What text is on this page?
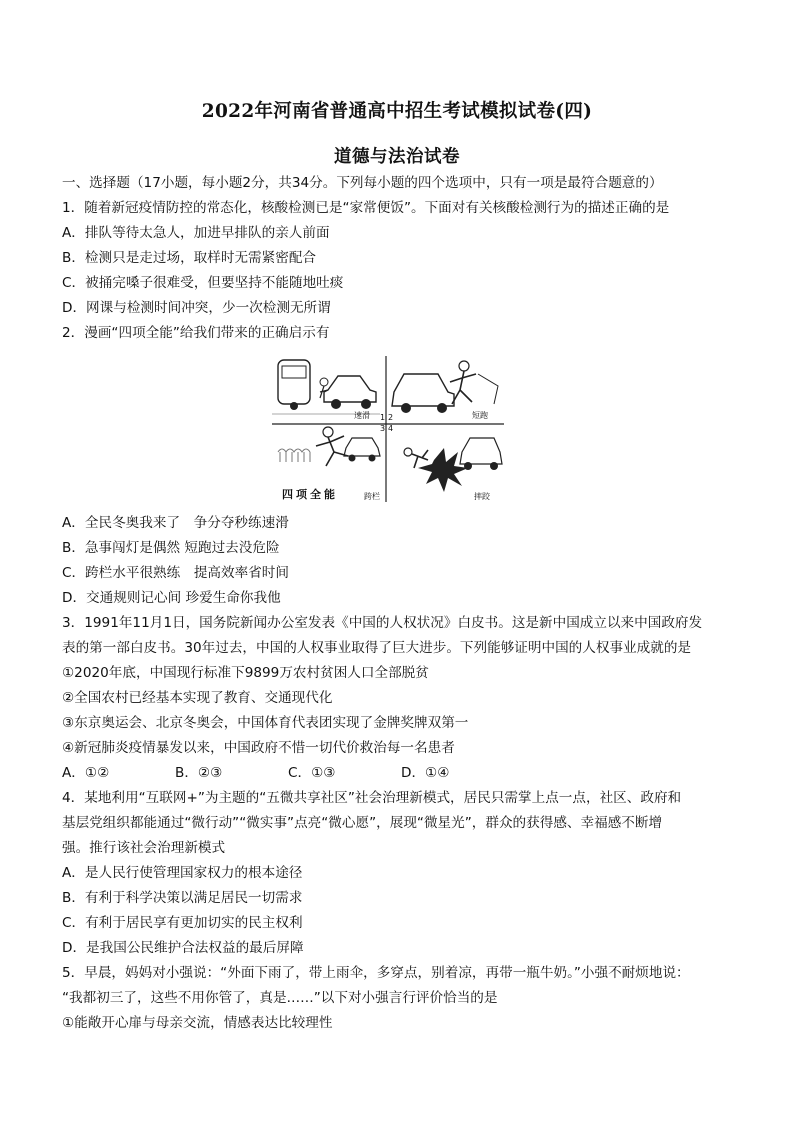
2022年河南省普通高中招生考试模拟试卷(四)
道德与法治试卷
一、选择题（17小题，每小题2分，共34分。下列每小题的四个选项中，只有一项是最符合题意的）
1．随着新冠疫情防控的常态化，核酸检测已是“家常便饭”。下面对有关核酸检测行为的描述正确的是
A．排队等待太急人，加进早排队的亲人前面
B．检测只是走过场，取样时无需紧密配合
C．被捅完嗓子很难受，但要坚持不能随地吐痰
D．网课与检测时间冲突，少一次检测无所谓
2．漫画“四项全能”给我们带来的正确启示有
速滑	短跑
跨栏	摔跤
1 2
3 4
四项全能
A．全民冬奥我来了　争分夺秒练速滑
B．急事闯灯是偶然 短跑过去没危险
C．跨栏水平很熟练　提高效率省时间
D．交通规则记心间 珍爱生命你我他
3．1991年11月1日，国务院新闻办公室发表《中国的人权状况》白皮书。这是新中国成立以来中国政府发
表的第一部白皮书。30年过去，中国的人权事业取得了巨大进步。下列能够证明中国的人权事业成就的是
①2020年底，中国现行标准下9899万农村贫困人口全部脱贫
②全国农村已经基本实现了教育、交通现代化
③东京奥运会、北京冬奥会，中国体育代表团实现了金牌奖牌双第一
④新冠肺炎疫情暴发以来，中国政府不惜一切代价救治每一名患者
A．①②	B．②③	C．①③	D．①④
4．某地利用“互联网+”为主题的“五微共享社区”社会治理新模式，居民只需掌上点一点，社区、政府和
基层党组织都能通过“微行动”“微实事”点亮“微心愿”，展现“微星光”，群众的获得感、幸福感不断增
强。推行该社会治理新模式
A．是人民行使管理国家权力的根本途径
B．有利于科学决策以满足居民一切需求
C．有利于居民享有更加切实的民主权利
D．是我国公民维护合法权益的最后屏障
5．早晨，妈妈对小强说：“外面下雨了，带上雨伞，多穿点，别着凉，再带一瓶牛奶。”小强不耐烦地说：
“我都初三了，这些不用你管了，真是……”以下对小强言行评价恰当的是
①能敞开心扉与母亲交流，情感表达比较理性
